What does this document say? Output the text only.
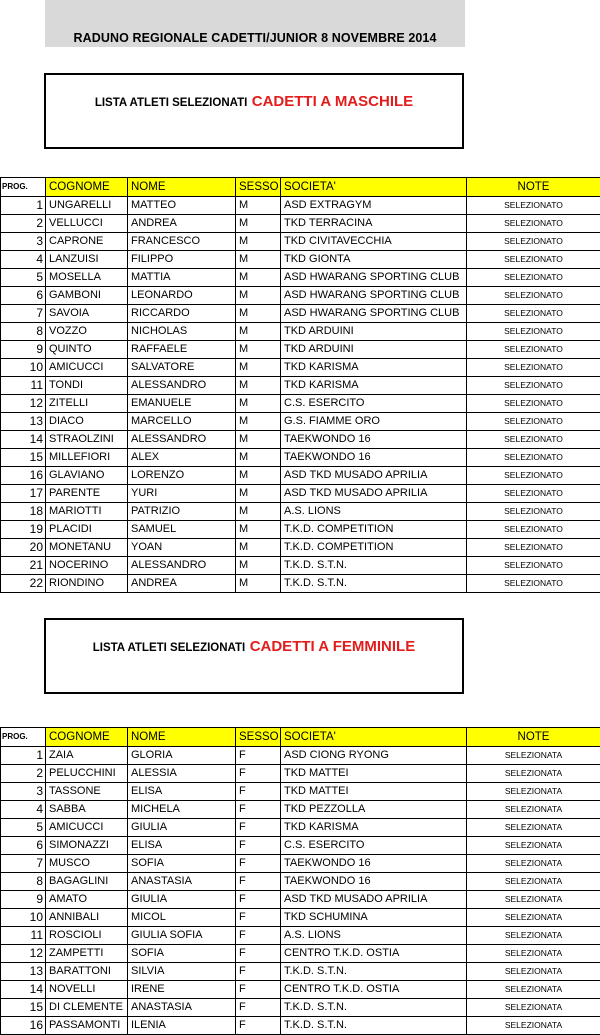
RADUNO REGIONALE CADETTI/JUNIOR 8 NOVEMBRE 2014
LISTA ATLETI SELEZIONATI CADETTI A MASCHILE
PROG.	COGNOME	NOME	SESSO	SOCIETA'	NOTE
1	UNGARELLI	MATTEO	M	ASD EXTRAGYM	SELEZIONATO
2	VELLUCCI	ANDREA	M	TKD TERRACINA	SELEZIONATO
3	CAPRONE	FRANCESCO	M	TKD CIVITAVECCHIA	SELEZIONATO
4	LANZUISI	FILIPPO	M	TKD GIONTA	SELEZIONATO
5	MOSELLA	MATTIA	M	ASD HWARANG SPORTING CLUB	SELEZIONATO
6	GAMBONI	LEONARDO	M	ASD HWARANG SPORTING CLUB	SELEZIONATO
7	SAVOIA	RICCARDO	M	ASD HWARANG SPORTING CLUB	SELEZIONATO
8	VOZZO	NICHOLAS	M	TKD ARDUINI	SELEZIONATO
9	QUINTO	RAFFAELE	M	TKD ARDUINI	SELEZIONATO
10	AMICUCCI	SALVATORE	M	TKD KARISMA	SELEZIONATO
11	TONDI	ALESSANDRO	M	TKD KARISMA	SELEZIONATO
12	ZITELLI	EMANUELE	M	C.S. ESERCITO	SELEZIONATO
13	DIACO	MARCELLO	M	G.S. FIAMME ORO	SELEZIONATO
14	STRAOLZINI	ALESSANDRO	M	TAEKWONDO 16	SELEZIONATO
15	MILLEFIORI	ALEX	M	TAEKWONDO 16	SELEZIONATO
16	GLAVIANO	LORENZO	M	ASD TKD MUSADO APRILIA	SELEZIONATO
17	PARENTE	YURI	M	ASD TKD MUSADO APRILIA	SELEZIONATO
18	MARIOTTI	PATRIZIO	M	A.S. LIONS	SELEZIONATO
19	PLACIDI	SAMUEL	M	T.K.D. COMPETITION	SELEZIONATO
20	MONETANU	YOAN	M	T.K.D. COMPETITION	SELEZIONATO
21	NOCERINO	ALESSANDRO	M	T.K.D. S.T.N.	SELEZIONATO
22	RIONDINO	ANDREA	M	T.K.D. S.T.N.	SELEZIONATO
LISTA ATLETI SELEZIONATI CADETTI A FEMMINILE
PROG.	COGNOME	NOME	SESSO	SOCIETA'	NOTE
1	ZAIA	GLORIA	F	ASD CIONG RYONG	SELEZIONATA
2	PELUCCHINI	ALESSIA	F	TKD MATTEI	SELEZIONATA
3	TASSONE	ELISA	F	TKD MATTEI	SELEZIONATA
4	SABBA	MICHELA	F	TKD PEZZOLLA	SELEZIONATA
5	AMICUCCI	GIULIA	F	TKD KARISMA	SELEZIONATA
6	SIMONAZZI	ELISA	F	C.S. ESERCITO	SELEZIONATA
7	MUSCO	SOFIA	F	TAEKWONDO 16	SELEZIONATA
8	BAGAGLINI	ANASTASIA	F	TAEKWONDO 16	SELEZIONATA
9	AMATO	GIULIA	F	ASD TKD MUSADO APRILIA	SELEZIONATA
10	ANNIBALI	MICOL	F	TKD SCHUMINA	SELEZIONATA
11	ROSCIOLI	GIULIA SOFIA	F	A.S. LIONS	SELEZIONATA
12	ZAMPETTI	SOFIA	F	CENTRO T.K.D. OSTIA	SELEZIONATA
13	BARATTONI	SILVIA	F	T.K.D. S.T.N.	SELEZIONATA
14	NOVELLI	IRENE	F	CENTRO T.K.D. OSTIA	SELEZIONATA
15	DI CLEMENTE	ANASTASIA	F	T.K.D. S.T.N.	SELEZIONATA
16	PASSAMONTI	ILENIA	F	T.K.D. S.T.N.	SELEZIONATA
